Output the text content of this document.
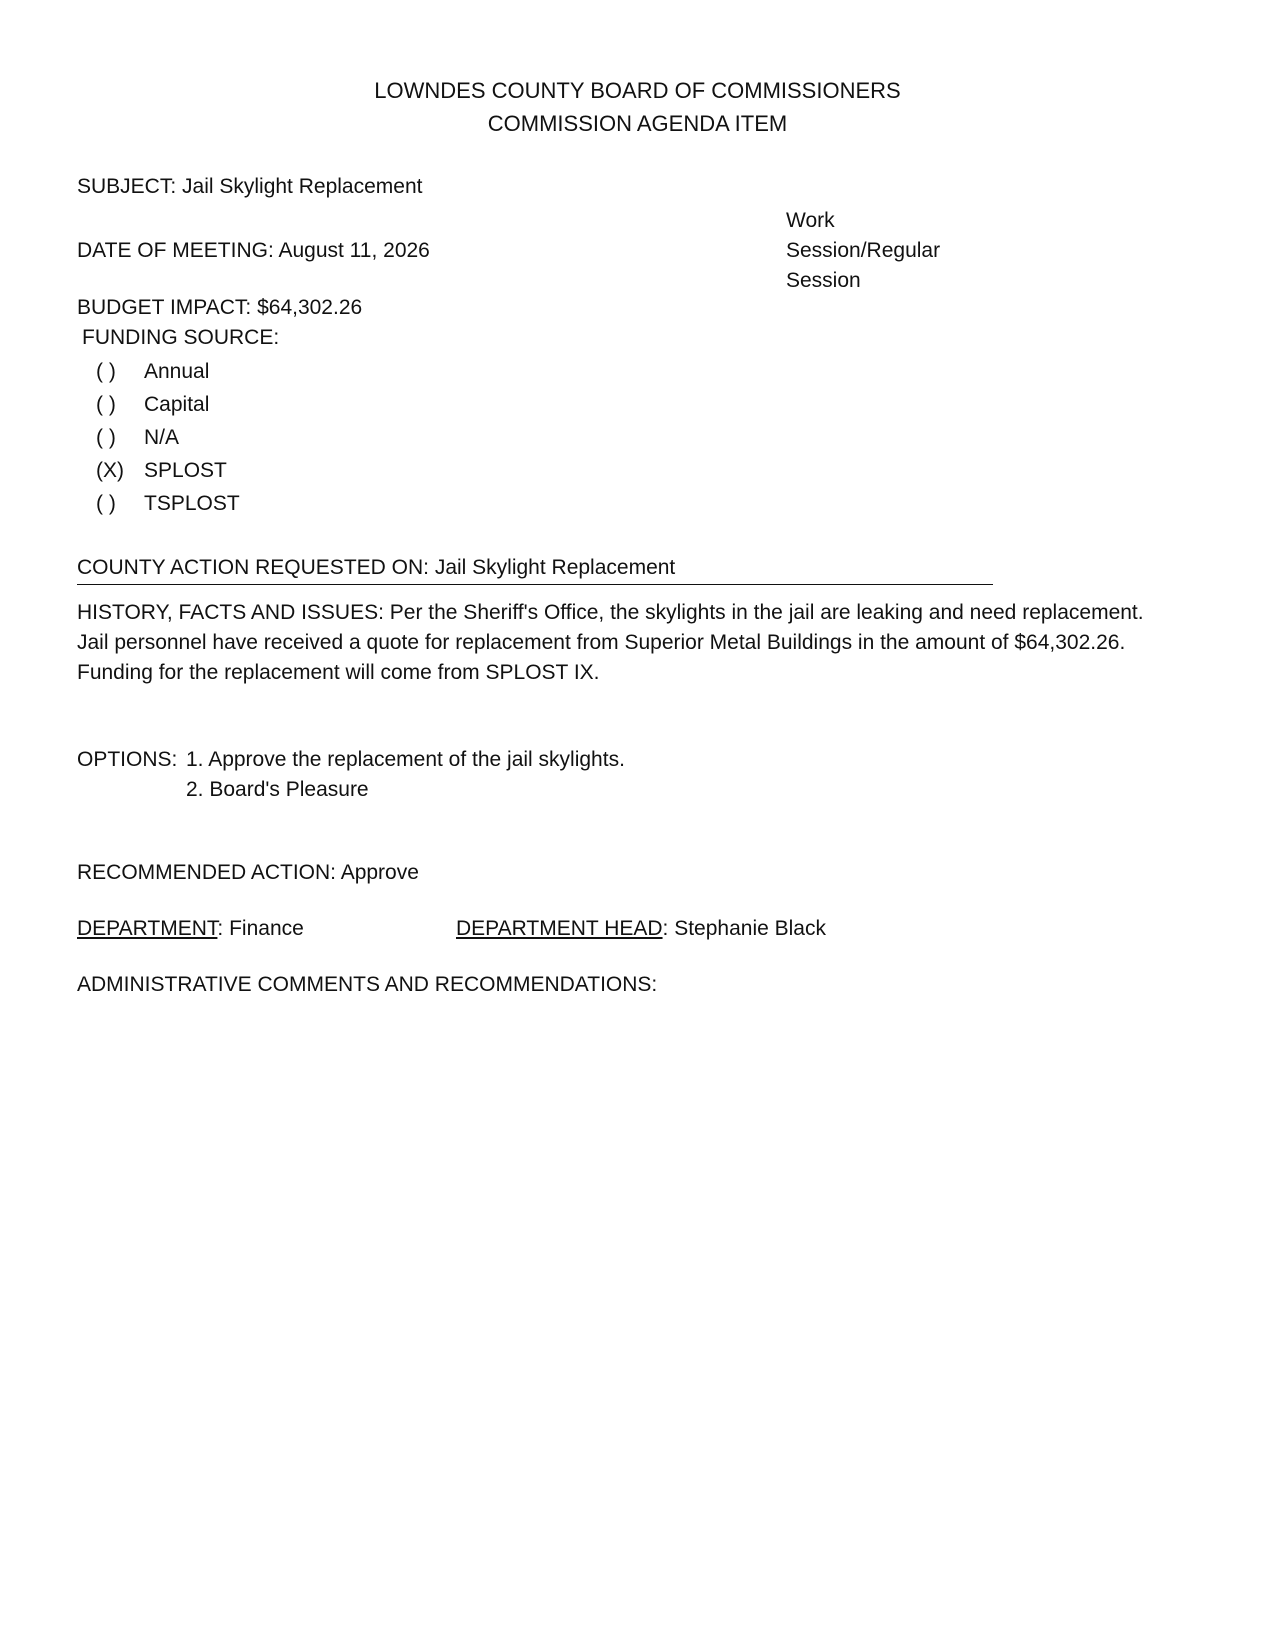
LOWNDES COUNTY BOARD OF COMMISSIONERS
COMMISSION AGENDA ITEM
SUBJECT: Jail Skylight Replacement
DATE OF MEETING: August 11, 2026
Work
Session/Regular
Session
BUDGET IMPACT: $64,302.26
FUNDING SOURCE:
( ) Annual
( ) Capital
( ) N/A
(X) SPLOST
( ) TSPLOST
COUNTY ACTION REQUESTED ON: Jail Skylight Replacement
HISTORY, FACTS AND ISSUES: Per the Sheriff's Office, the skylights in the jail are leaking and need replacement. Jail personnel have received a quote for replacement from Superior Metal Buildings in the amount of $64,302.26. Funding for the replacement will come from SPLOST IX.
OPTIONS: 1. Approve the replacement of the jail skylights.
2. Board's Pleasure
RECOMMENDED ACTION: Approve
DEPARTMENT: Finance	DEPARTMENT HEAD: Stephanie Black
ADMINISTRATIVE COMMENTS AND RECOMMENDATIONS:
